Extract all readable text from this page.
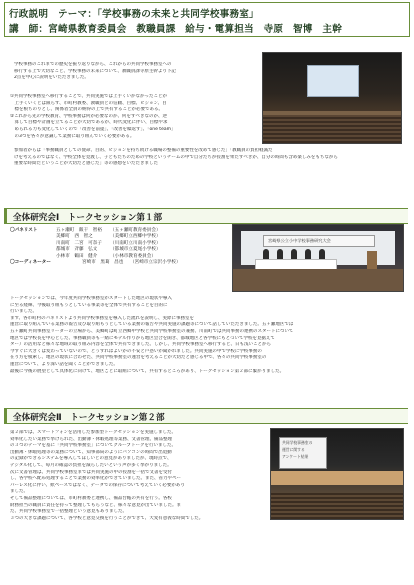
行政説明　テーマ：「学校事務の未来と共同学校事務室」
講　師：宮崎県教育委員会　教職員課　給与・電算担当　寺原　智博　主幹

学校事務のこれまでの歴史を振り返りながら、これからの共同学校事務室への

移行する上で大切なこと、学校事務の未来について、教職員課寺原主幹より下記

2点を中心に説明をいただきました。

①共同学校事務室へ移行することで、共同実施では上手くいかなかったことが

　上手くいくとは限らず、市町村教委、教職員との信頼、目標、ビジョン、目

　標を根ちのりとし、関係者全員の納得の上で共有することが必要である。

②これから先の学校教育、学校事務は何が必要なのか、何をすべきなのか、逆

　算して目標や計画を立てることが大切であるが、時代変化に伴い、目標や求

　められる力も変化していくので「改善を前提」、「改善を繰返す」、「one team」

　の3つを各々が意識して業務に取り組んでいく必要がある。

参加者からは「事務職員としての使命、目的、ビジョンを持ち続ける職場の整備の重要性を改めて感じた」「教職員の負担軽減だ

けを考えるのではなく、学校全体を見渡し、子どもたちのための学校というチームの中で自分たちが役割を果たすべきか、自分の時間も含め楽しみをもちながら

重要な時間だということが大切だと感じた」等の感想をいただきました

全体研究会Ⅰ　トークセッション第１部
〇パネリスト	五ヶ瀬町　飯干　智裕 （五ヶ瀬町教育委員会）
美郷町　西　智之	（美郷町立西郷中学校）
川南町　二宮　可奈子 （川南町立川南小学校）
都城市　斉藤　弘文	（都城市立夏尾小学校）
小林市　鶴田　健介	（小林市教育委員会）
〇コーディネーター	宮崎市　黒葛　昌也 （宮崎市立宗沢小学校）
宮崎県公立小中学校事務研究大会

トークセッションでは、今年度共同学校事務室がスタートした地区の現状や導入

に至る経緯、今後取り組もうとしている事業等を全体で共有することを目的に

行いました。

まず、各市町村のパネリストより共同学校事務室を導入した流れを説明し、実際に事務室を

運営に取り組んでいる業務の報告及び取り組もうとしている業務の報告や共同実施の課題等について話していただきました。五ヶ瀬地区では

五ヶ瀬町共同事務室リーダーの立場から、美郷町は町立西郷中学校と共同学校事務室の兼務、川南町では共同事務の連携のスタートについて

地区では学校長を中心とした、事務職員等も一緒にモデル作りから地区会合を開き、都城地区と各学校にもとづいて学校を見据えて

ター）の活用など様々な地域の取り組み内容を全体で共有できました。しかし、共同学校事務室へ移行すると、日も浅いことから

今すぐに大きくは変わっていないので、どうすればよいかの不安と戸惑いが聞かれました。共同実施の中で学校に学校事務の

在り方を模索し、地区の現状に合わせた、共同学校事務室の運営を考えることが大切だと感じる中で、各々の共同学校事務室の

運営について、より深い話を聞くことができました。

最後に今後の展望として具体化に向けて、地区ごとに取組について、共有するところがあり、トークセッション第２部に繋がりました。

全体研究会Ⅱ　トークセッション第２部

第２部では、スマートフォンを活用した参加型トークセッションを実施しました。

効率化したい業務で挙げられた、出勤簿・休暇処理等業務、文書管理、備品整理

の３つのテーマを基に「共同学校事務室」についてグループトークを行いました。

出勤簿・休暇処理等の業務について、知事部局のようにパソコンの時間で出退勤

の記録ができるシステムを導入してほしいとの意見がありましたが、現時点で、

デジタル化して、毎月の確認の負担を減らしたいという声が多く挙がりました。

次に文書管理は、共同学校事務室までは共同実施の中の役割を一括で文書を受付

し、各学校へ配布処理することで業務の効率化ができていました。また、省力やペー

パーレス化に伴い、紙ベースではなく、データでの保存について考えていく必要があり

ました。

そして備品整理については、市町村教委と連携し、備品台帳の共有を行う。各校

財務担当の職員に責任を持って整理してもらうなど、様々な意見が出ていました。ま

た、共同学校事務室で一括整理という意見もありました。

３つの大きな課題について、各学校と意見交換を行うことができて、大変有意義な時間でした。

共同学校事務室の
運営に関する
アンケート結果
